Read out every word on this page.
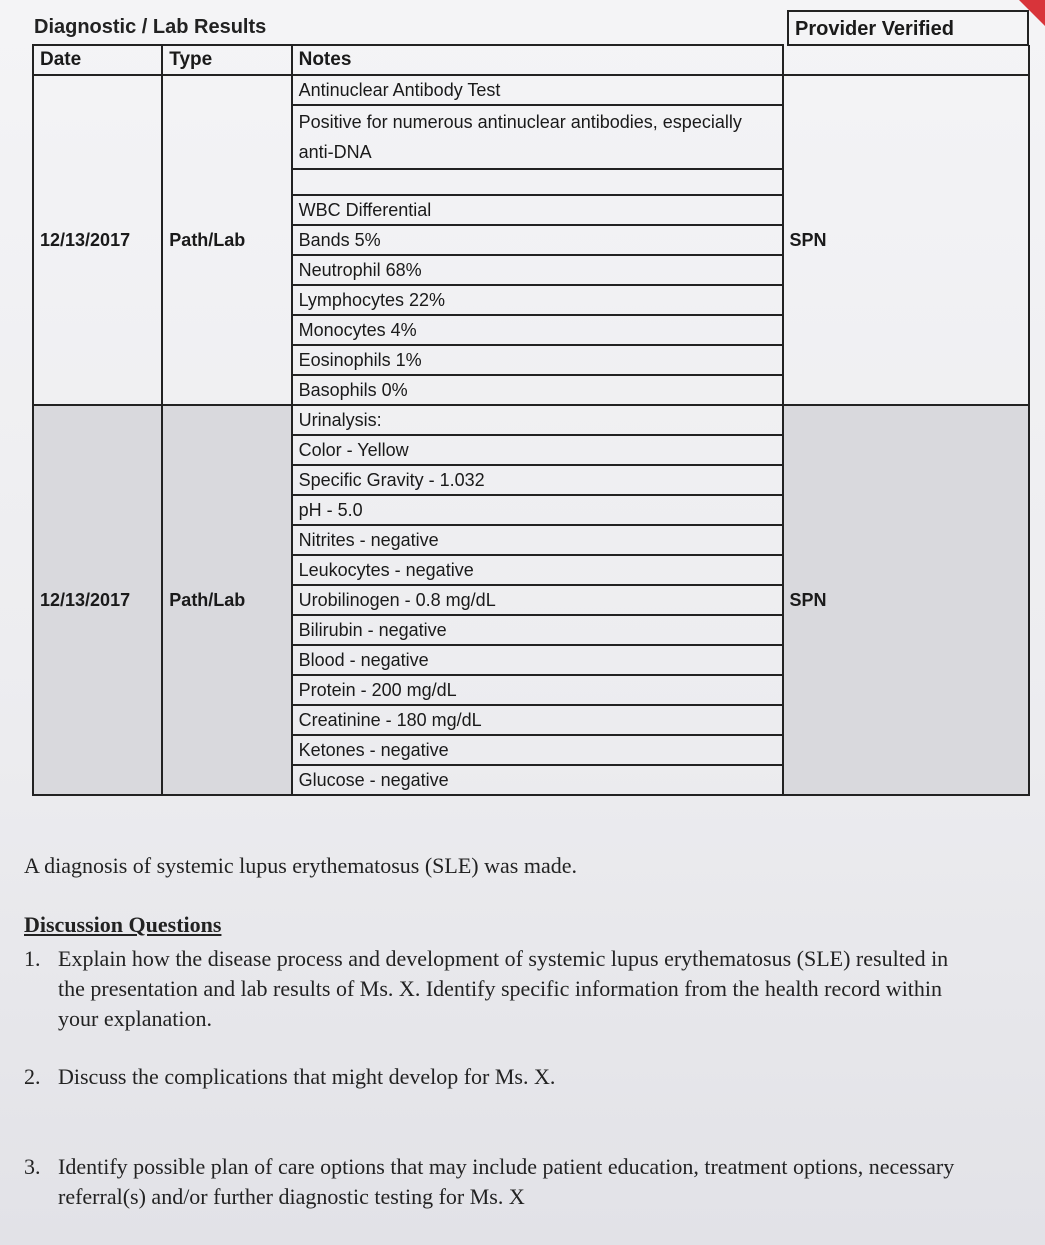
Diagnostic / Lab Results	Provider Verified
Date	Type	Notes	
12/13/2017	Path/Lab	Antinuclear Antibody Test	SPN
		Positive for numerous antinuclear antibodies, especially anti-DNA	

		WBC Differential	
		Bands 5%	
		Neutrophil 68%	
		Lymphocytes 22%	
		Monocytes 4%	
		Eosinophils 1%	
		Basophils 0%	
12/13/2017	Path/Lab	Urinalysis:	SPN
		Color - Yellow	
		Specific Gravity - 1.032	
		pH - 5.0	
		Nitrites - negative	
		Leukocytes - negative	
		Urobilinogen - 0.8 mg/dL	
		Bilirubin - negative	
		Blood - negative	
		Protein - 200 mg/dL	
		Creatinine - 180 mg/dL	
		Ketones - negative	
		Glucose - negative	
A diagnosis of systemic lupus erythematosus (SLE) was made.
Discussion Questions
1. Explain how the disease process and development of systemic lupus erythematosus (SLE) resulted in the presentation and lab results of Ms. X. Identify specific information from the health record within your explanation.
2. Discuss the complications that might develop for Ms. X.
3. Identify possible plan of care options that may include patient education, treatment options, necessary referral(s) and/or further diagnostic testing for Ms. X
